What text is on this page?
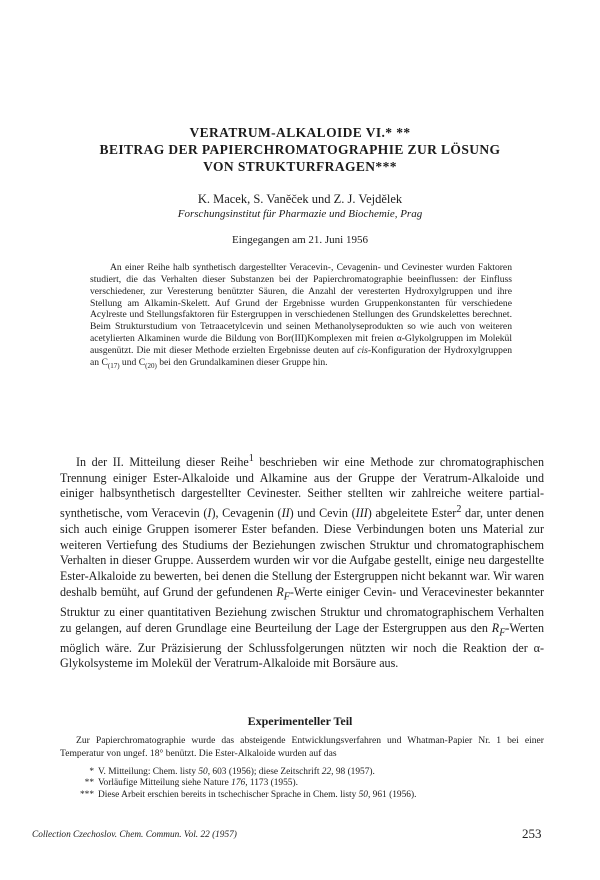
VERATRUM-ALKALOIDE VI.* **
BEITRAG DER PAPIERCHROMATOGRAPHIE ZUR LÖSUNG
VON STRUKTURFRAGEN***
K. Macek, S. Vaněček und Z. J. Vejdělek
Forschungsinstitut für Pharmazie und Biochemie, Prag
Eingegangen am 21. Juni 1956
An einer Reihe halb synthetisch dargestellter Veracevin-, Cevagenin- und Cevinester wurden Faktoren studiert, die das Verhalten dieser Substanzen bei der Papierchromatographie beeinflussen: der Einfluss verschiedener, zur Veresterung benützter Säuren, die Anzahl der veresterten Hydroxylgruppen und ihre Stellung am Alkamin-Skelett. Auf Grund der Ergebnisse wurden Gruppenkonstanten für verschiedene Acylreste und Stellungsfaktoren für Estergruppen in verschiedenen Stellungen des Grundskelettes berechnet. Beim Strukturstudium von Tetraacetylcevin und seinen Methanolyseprodukten so wie auch von weiteren acetylierten Alkaminen wurde die Bildung von Bor(III)Komplexen mit freien α-Glykolgruppen im Molekül ausgenützt. Die mit dieser Methode erzielten Ergebnisse deuten auf cis-Konfiguration der Hydroxylgruppen an $C_{(17)}$ und $C_{(20)}$ bei den Grundalkaminen dieser Gruppe hin.
In der II. Mitteilung dieser Reihe$^1$ beschrieben wir eine Methode zur chromatographischen Trennung einiger Ester-Alkaloide und Alkamine aus der Gruppe der Veratrum-Alkaloide und einiger halbsynthetisch dargestellter Cevinester. Seither stellten wir zahlreiche weitere partial-synthetische, vom Veracevin (I), Cevagenin (II) und Cevin (III) abgeleitete Ester$^2$ dar, unter denen sich auch einige Gruppen isomerer Ester befanden. Diese Verbindungen boten uns Material zur weiteren Vertiefung des Studiums der Beziehungen zwischen Struktur und chromatographischem Verhalten in dieser Gruppe. Ausserdem wurden wir vor die Aufgabe gestellt, einige neu dargestellte Ester-Alkaloide zu bewerten, bei denen die Stellung der Estergruppen nicht bekannt war. Wir waren deshalb bemüht, auf Grund der gefundenen $R_F$-Werte einiger Cevin- und Veracevinester bekannter Struktur zu einer quantitativen Beziehung zwischen Struktur und chromatographischem Verhalten zu gelangen, auf deren Grundlage eine Beurteilung der Lage der Estergruppen aus den $R_F$-Werten möglich wäre. Zur Präzisierung der Schlussfolgerungen nützten wir noch die Reaktion der α-Glykolsysteme im Molekül der Veratrum-Alkaloide mit Borsäure aus.
Experimenteller Teil
Zur Papierchromatographie wurde das absteigende Entwicklungsverfahren und Whatman-Papier Nr. 1 bei einer Temperatur von ungef. 18° benützt. Die Ester-Alkaloide wurden auf das
* V. Mitteilung: Chem. listy 50, 603 (1956); diese Zeitschrift 22, 98 (1957).
** Vorläufige Mitteilung siehe Nature 176, 1173 (1955).
*** Diese Arbeit erschien bereits in tschechischer Sprache in Chem. listy 50, 961 (1956).
Collection Czechoslov. Chem. Commun. Vol. 22 (1957)	253
